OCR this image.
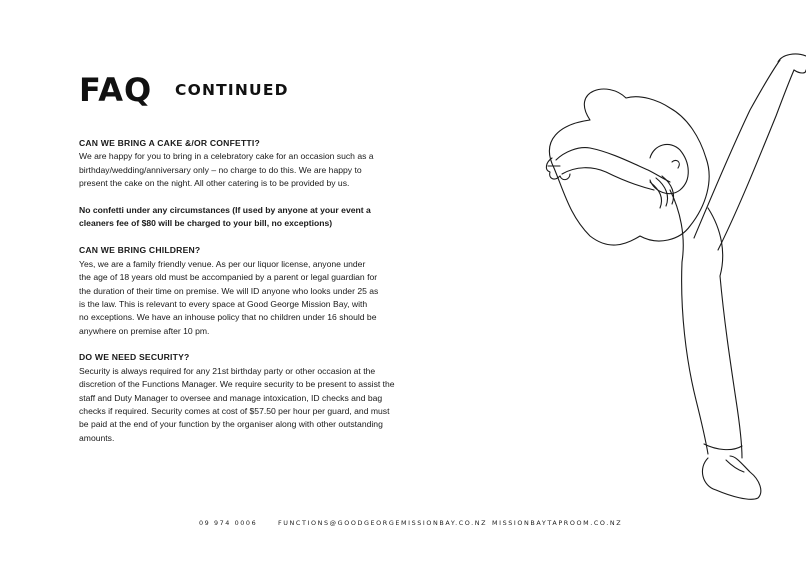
FAQ CONTINUED
CAN WE BRING A CAKE &/OR CONFETTI?

We are happy for you to bring in a celebratory cake for an occasion such as a
birthday/wedding/anniversary only – no charge to do this. We are happy to
present the cake on the night. All other catering is to be provided by us.

No confetti under any circumstances (If used by anyone at your event a
cleaners fee of $80 will be charged to your bill, no exceptions)

CAN WE BRING CHILDREN?

Yes, we are a family friendly venue. As per our liquor license, anyone under
the age of 18 years old must be accompanied by a parent or legal guardian for
the duration of their time on premise. We will ID anyone who looks under 25 as
is the law. This is relevant to every space at Good George Mission Bay, with
no exceptions. We have an inhouse policy that no children under 16 should be
anywhere on premise after 10 pm.

DO WE NEED SECURITY?

Security is always required for any 21st birthday party or other occasion at the
discretion of the Functions Manager. We require security to be present to assist the
staff and Duty Manager to oversee and manage intoxication, ID checks and bag
checks if required. Security comes at cost of $57.50 per hour per guard, and must
be paid at the end of your function by the organiser along with other outstanding
amounts.

09 974 0006	FUNCTIONS@GOODGEORGEMISSIONBAY.CO.NZ MISSIONBAYTAPROOM.CO.NZ
